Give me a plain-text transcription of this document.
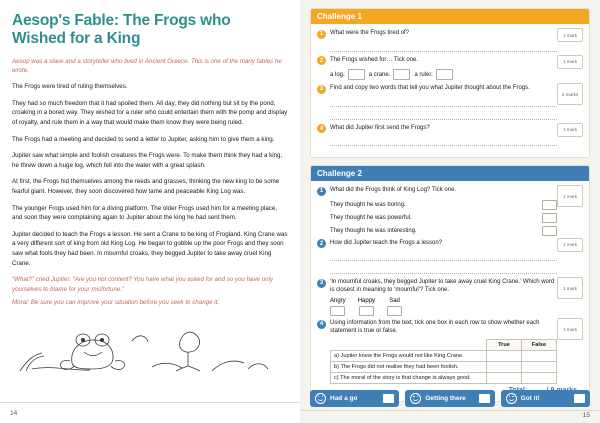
Aesop's Fable: The Frogs who Wished for a King
Aesop was a slave and a storyteller who lived in Ancient Greece. This is one of the many fables he wrote.

The Frogs were tired of ruling themselves.

They had so much freedom that it had spoiled them. All day, they did nothing but sit by the pond, croaking in a bored way. They wished for a ruler who could entertain them with the pomp and display of royalty, and rule them in a way that would make them know they were being ruled.

The Frogs had a meeting and decided to send a letter to Jupiter, asking him to give them a king.

Jupiter saw what simple and foolish creatures the Frogs were. To make them think they had a king, he threw down a huge log, which fell into the water with a great splash.

At first, the Frogs hid themselves among the reeds and grasses, thinking the new king to be some fearful giant. However, they soon discovered how tame and peaceable King Log was.

The younger Frogs used him for a diving platform. The older Frogs used him for a meeting place, and soon they were complaining again to Jupiter about the king he had sent them.

Jupiter decided to teach the Frogs a lesson. He sent a Crane to be king of Frogland. King Crane was a very different sort of king from old King Log. He began to gobble up the poor Frogs and they soon saw what fools they had been. In mournful croaks, they begged Jupiter to take away cruel King Crane.

“What?” cried Jupiter. “Are you not content? You have what you asked for and so you have only yourselves to blame for your misfortune.”
Moral: Be sure you can improve your situation before you seek to change it.
14
Challenge 1
1	What were the Frogs tired of?	1 mark
2	The Frogs wished for… Tick one.	1 mark
a log.	a crane.	a ruler.
3	Find and copy two words that tell you what Jupiter thought about the Frogs.
2 marks
4	What did Jupiter first send the Frogs?	1 mark
Challenge 2
1	What did the Frogs think of King Log? Tick one.
1 mark
They thought he was boring.
They thought he was powerful.
They thought he was interesting.
2	How did Jupiter teach the Frogs a lesson?	1 mark
3	‘In mournful croaks, they begged Jupiter to take away cruel King Crane.’ Which word is closest in meaning to ‘mournful’? Tick one.	1 mark
Angry Happy Sad
4	Using information from the text, tick one box in each row to show whether each statement is true or false.	1 mark
	True	False
a) Jupiter knew the Frogs would not like King Crane.		
b) The Frogs did not realise they had been foolish.		
c) The moral of the story is that change is always good.		
Had a go	Getting there	Got it!
15
